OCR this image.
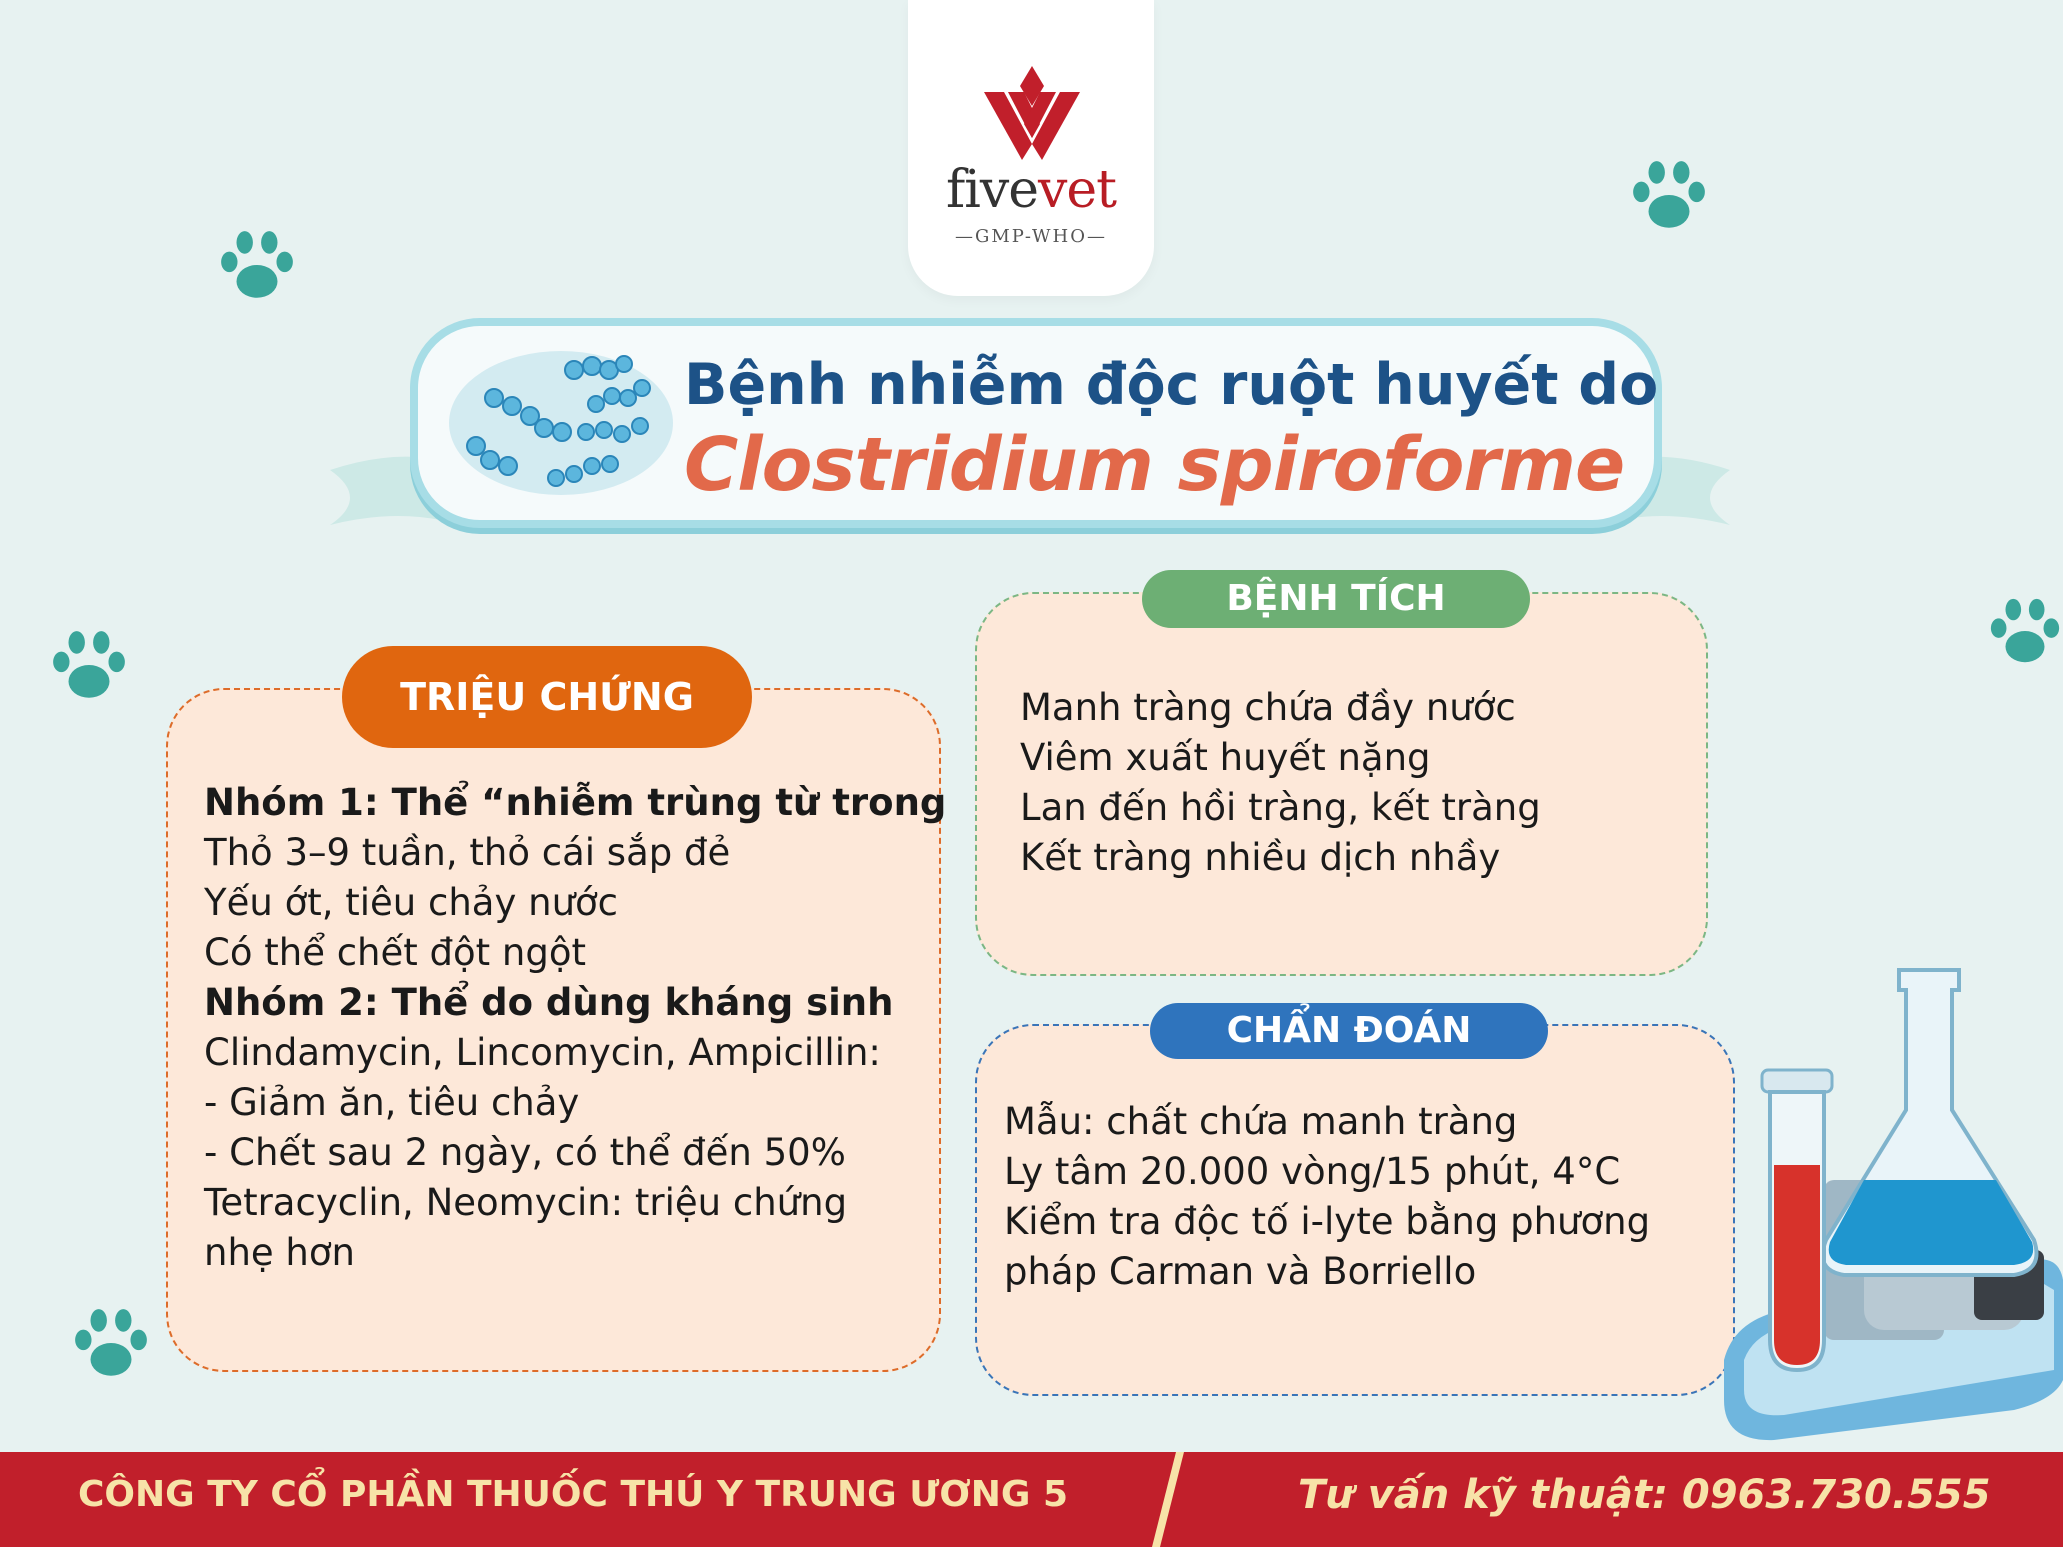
fivevet
—GMP-WHO—
Bệnh nhiễm độc ruột huyết do
Clostridium spiroforme
TRIỆU CHỨNG
Nhóm 1: Thể “nhiễm trùng từ trong
Thỏ 3–9 tuần, thỏ cái sắp đẻ
Yếu ớt, tiêu chảy nước
Có thể chết đột ngột
Nhóm 2: Thể do dùng kháng sinh
Clindamycin, Lincomycin, Ampicillin:
- Giảm ăn, tiêu chảy
- Chết sau 2 ngày, có thể đến 50%
Tetracyclin, Neomycin: triệu chứng
nhẹ hơn
BỆNH TÍCH
Manh tràng chứa đầy nước
Viêm xuất huyết nặng
Lan đến hồi tràng, kết tràng
Kết tràng nhiều dịch nhầy
CHẨN ĐOÁN
Mẫu: chất chứa manh tràng
Ly tâm 20.000 vòng/15 phút, 4°C
Kiểm tra độc tố i-lyte bằng phương
pháp Carman và Borriello
CÔNG TY CỔ PHẦN THUỐC THÚ Y TRUNG ƯƠNG 5	Tư vấn kỹ thuật: 0963.730.555
